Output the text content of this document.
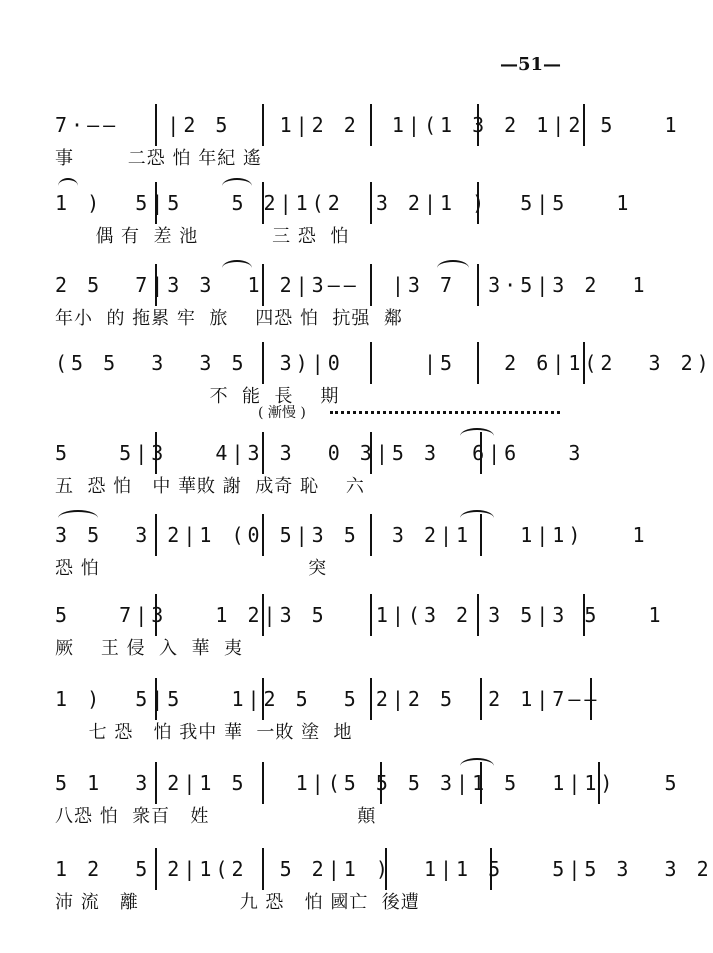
—51—
7·——   |2 5   1|2 2  1|(1 3 2 1|2 5   1
事        二恐 怕 年紀 遙
1 )  5|5   5 2|1(2  3 2|1 )  5|5   1
偶 有  差 池           三 恐  怕
2 5  7|3 3  1 2|3——  |3 7  3·5|3 2  1
年小  的 拖累 牢  旅    四恐 怕  抗强  鄰
(5 5  3  3 5  3)|0     |5   2 6|1(2  3 2)
不  能  長    期
( 漸慢 )
5   5|3   4|3 3  0 3|5 3  6|6   3
五  恐 怕   中 華敗 謝  成奇 恥    六
3 5  3 2|1 (0 5|3 5  3 2|1   1|1)   1
恐 怕                               突
5   7|3   1 2|3 5   1|(3 2 3 5|3 5   1
厥    王 侵  入  華  夷
1 )  5|5   1|2 5  5 2|2 5  2 1|7——
七 恐   怕 我中 華  一敗 塗  地
5 1  3 2|1 5   1|(5 5 5 3|1 5  1|1)   5
八恐 怕  衆百   姓                      顛
1 2  5 2|1(2  5 2|1 )  1|1 5   5|5 3  3 2
沛 流   離               九 恐   怕 國亡  後遭
